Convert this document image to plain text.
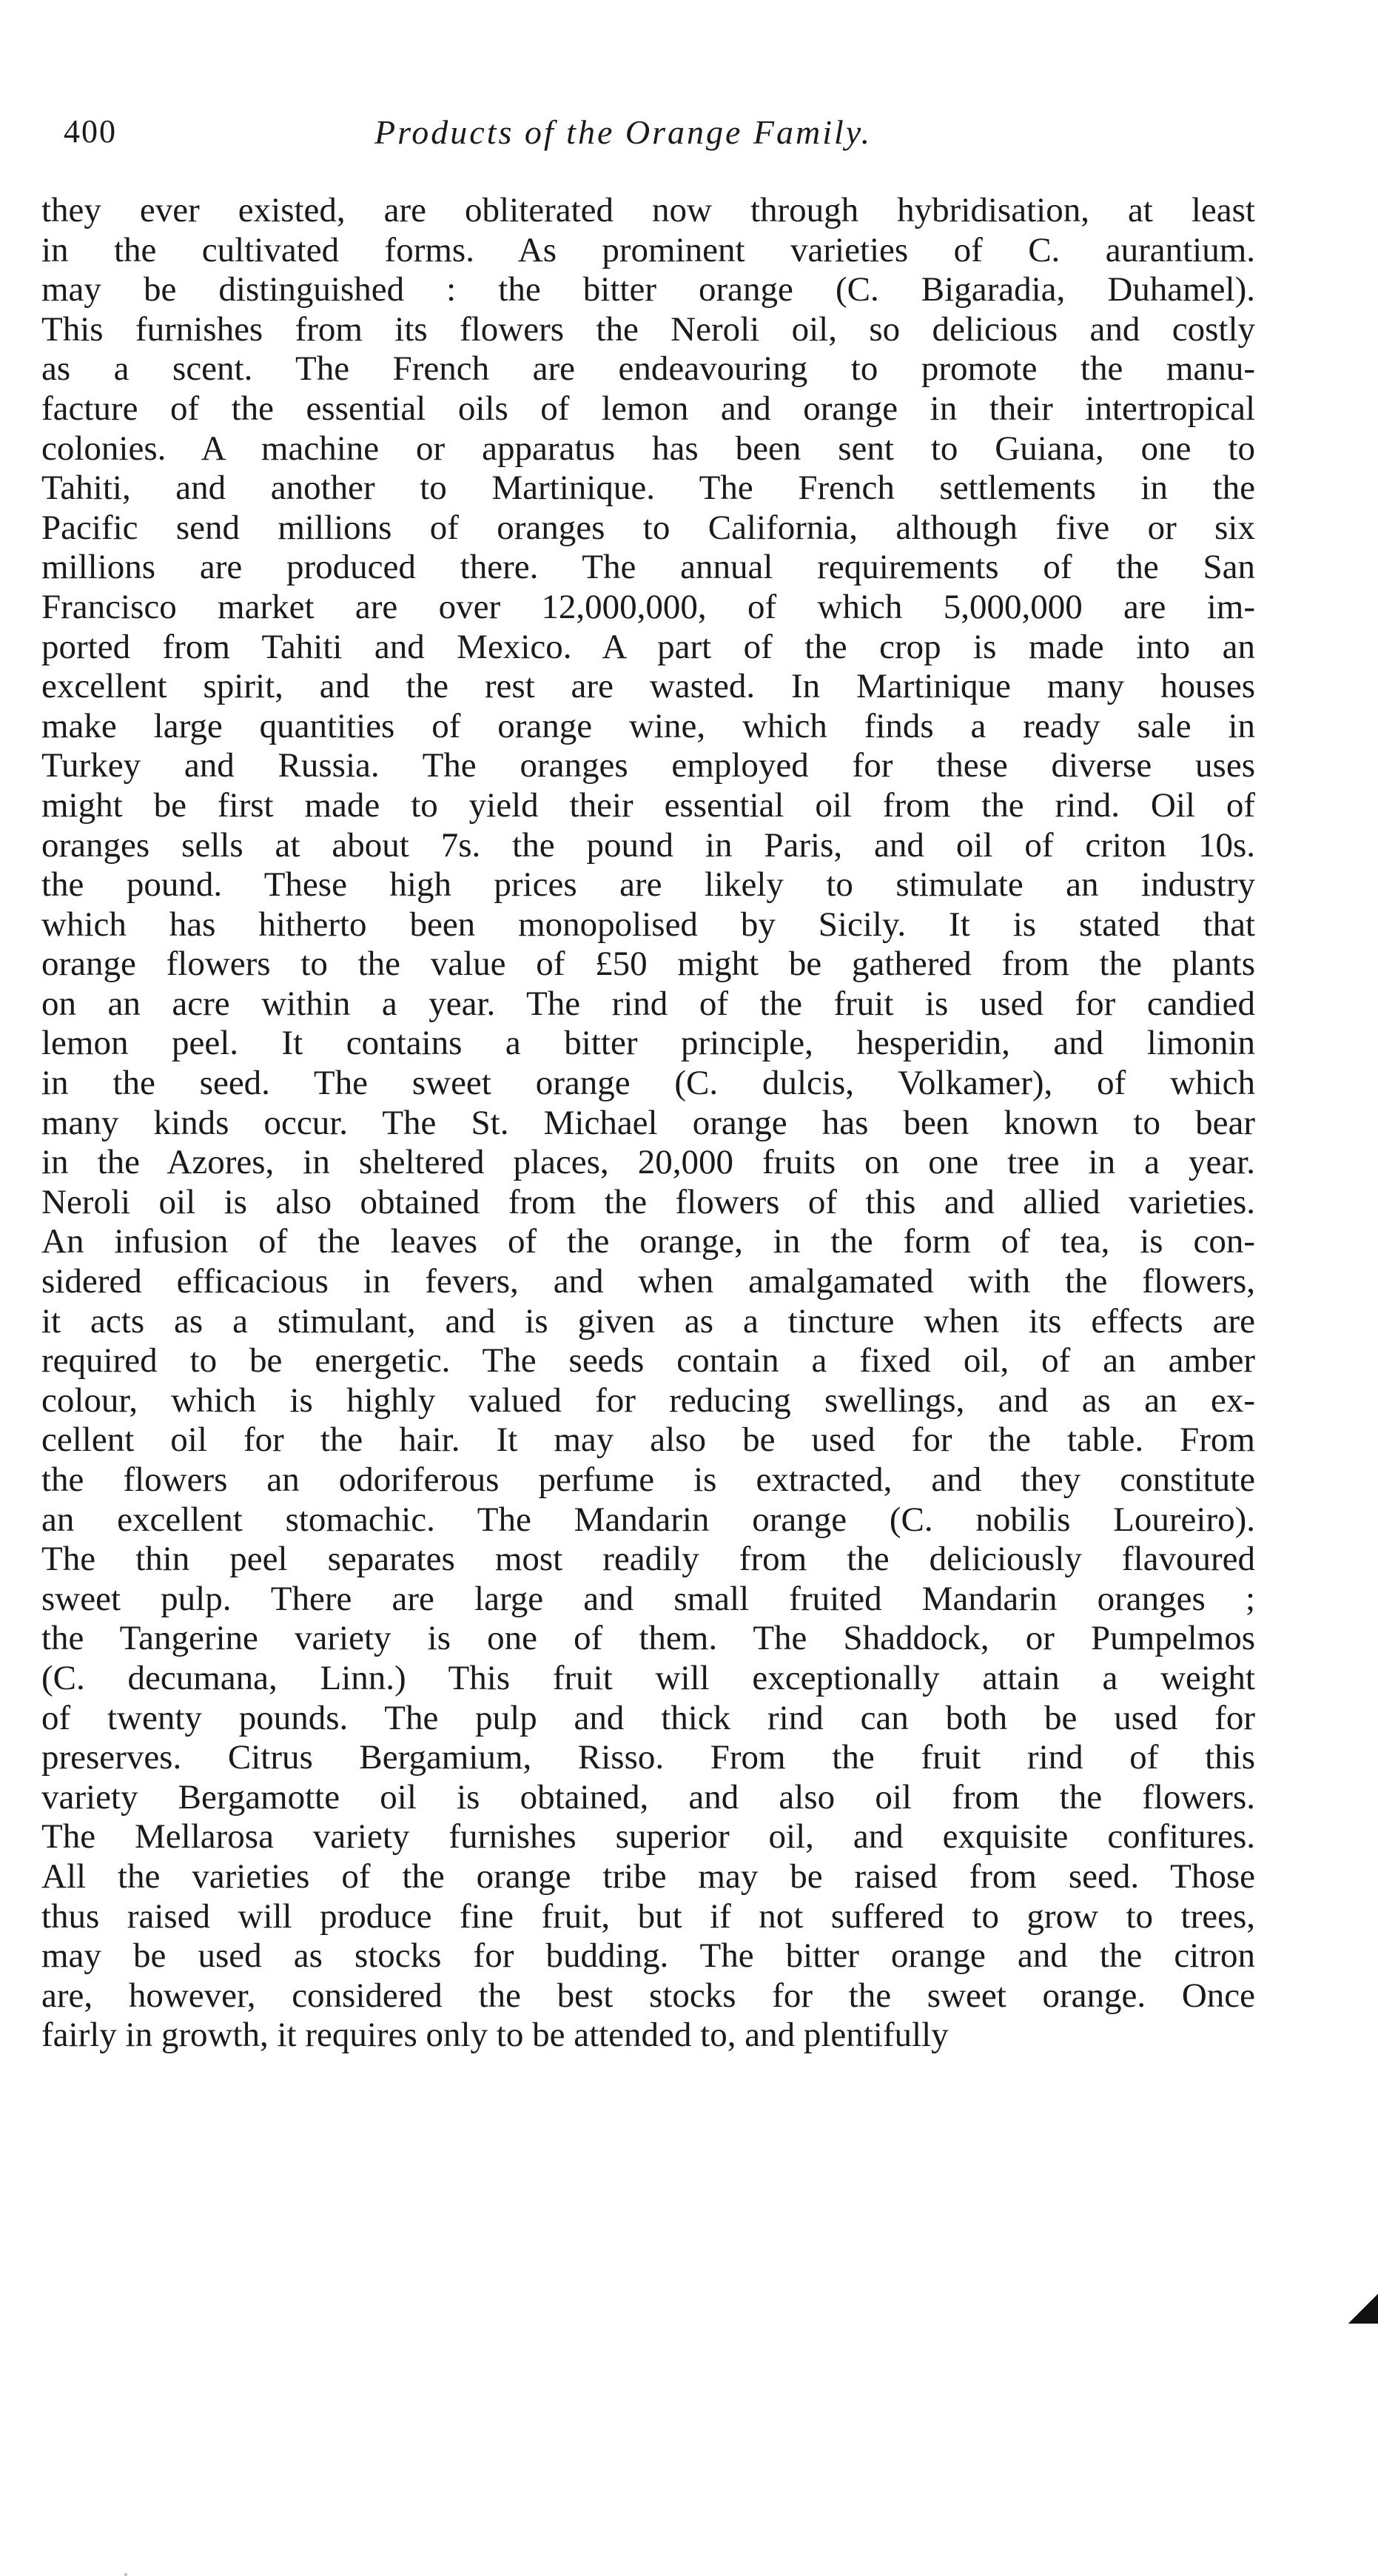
400	Products of the Orange Family.
they ever existed, are obliterated now through hybridisation, at least
in the cultivated forms. As prominent varieties of C. aurantium.
may be distinguished : the bitter orange (C. Bigaradia, Duhamel).
This furnishes from its flowers the Neroli oil, so delicious and costly
as a scent. The French are endeavouring to promote the manu-
facture of the essential oils of lemon and orange in their intertropical
colonies. A machine or apparatus has been sent to Guiana, one to
Tahiti, and another to Martinique. The French settlements in the
Pacific send millions of oranges to California, although five or six
millions are produced there. The annual requirements of the San
Francisco market are over 12,000,000, of which 5,000,000 are im-
ported from Tahiti and Mexico. A part of the crop is made into an
excellent spirit, and the rest are wasted. In Martinique many houses
make large quantities of orange wine, which finds a ready sale in
Turkey and Russia. The oranges employed for these diverse uses
might be first made to yield their essential oil from the rind. Oil of
oranges sells at about 7s. the pound in Paris, and oil of criton 10s.
the pound. These high prices are likely to stimulate an industry
which has hitherto been monopolised by Sicily. It is stated that
orange flowers to the value of £50 might be gathered from the plants
on an acre within a year. The rind of the fruit is used for candied
lemon peel. It contains a bitter principle, hesperidin, and limonin
in the seed. The sweet orange (C. dulcis, Volkamer), of which
many kinds occur. The St. Michael orange has been known to bear
in the Azores, in sheltered places, 20,000 fruits on one tree in a year.
Neroli oil is also obtained from the flowers of this and allied varieties.
An infusion of the leaves of the orange, in the form of tea, is con-
sidered efficacious in fevers, and when amalgamated with the flowers,
it acts as a stimulant, and is given as a tincture when its effects are
required to be energetic. The seeds contain a fixed oil, of an amber
colour, which is highly valued for reducing swellings, and as an ex-
cellent oil for the hair. It may also be used for the table. From
the flowers an odoriferous perfume is extracted, and they constitute
an excellent stomachic. The Mandarin orange (C. nobilis Loureiro).
The thin peel separates most readily from the deliciously flavoured
sweet pulp. There are large and small fruited Mandarin oranges ;
the Tangerine variety is one of them. The Shaddock, or Pumpelmos
(C. decumana, Linn.) This fruit will exceptionally attain a weight
of twenty pounds. The pulp and thick rind can both be used for
preserves. Citrus Bergamium, Risso. From the fruit rind of this
variety Bergamotte oil is obtained, and also oil from the flowers.
The Mellarosa variety furnishes superior oil, and exquisite confitures.
All the varieties of the orange tribe may be raised from seed. Those
thus raised will produce fine fruit, but if not suffered to grow to trees,
may be used as stocks for budding. The bitter orange and the citron
are, however, considered the best stocks for the sweet orange. Once
fairly in growth, it requires only to be attended to, and plentifully
